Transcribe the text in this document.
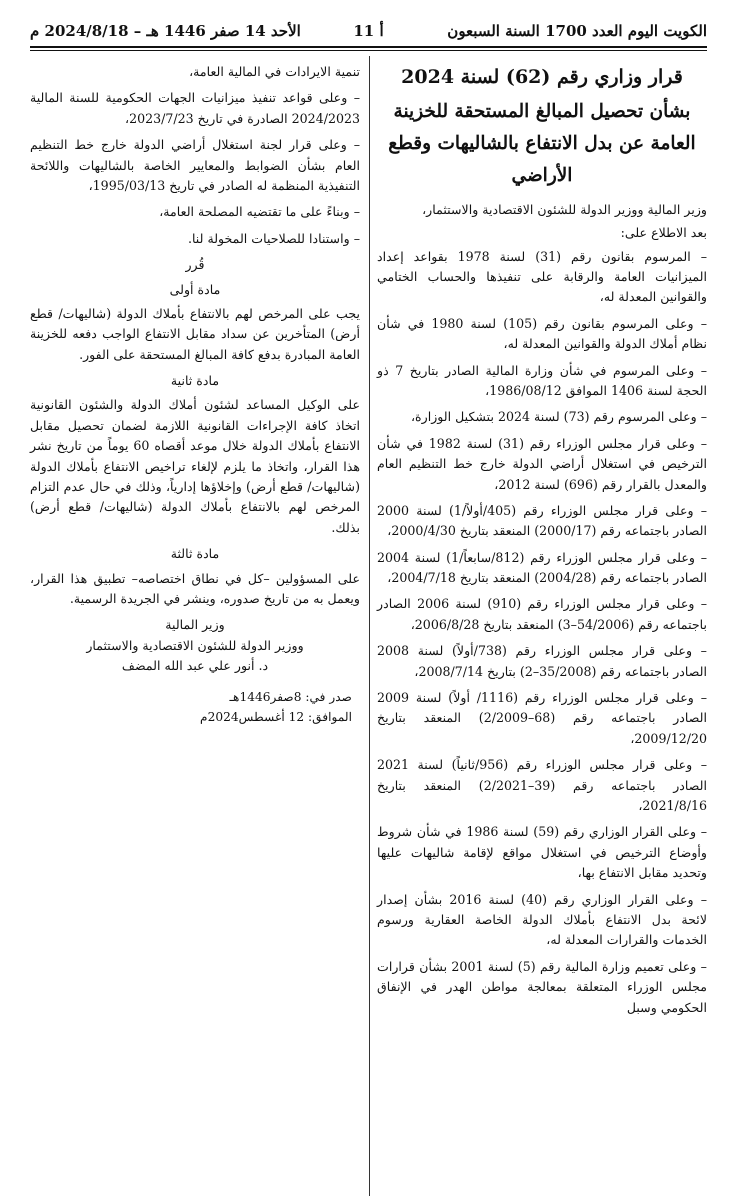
الكويت اليوم العدد 1700 السنة السبعون
أ 11
الأحد 14 صفر 1446 هـ – 2024/8/18 م
قرار وزاري رقم (62) لسنة 2024
بشأن تحصيل المبالغ المستحقة للخزينة العامة عن بدل الانتفاع بالشاليهات وقطع الأراضي

وزير المالية ووزير الدولة للشئون الاقتصادية والاستثمار،

بعد الاطلاع على:

– المرسوم بقانون رقم (31) لسنة 1978 بقواعد إعداد الميزانيات العامة والرقابة على تنفيذها والحساب الختامي والقوانين المعدلة له،

– وعلى المرسوم بقانون رقم (105) لسنة 1980 في شأن نظام أملاك الدولة والقوانين المعدلة له،

– وعلى المرسوم في شأن وزارة المالية الصادر بتاريخ 7 ذو الحجة لسنة 1406 الموافق 1986/08/12،

– وعلى المرسوم رقم (73) لسنة 2024 بتشكيل الوزارة،

– وعلى قرار مجلس الوزراء رقم (31) لسنة 1982 في شأن الترخيص في استغلال أراضي الدولة خارج خط التنظيم العام والمعدل بالقرار رقم (696) لسنة 2012،

– وعلى قرار مجلس الوزراء رقم (405/أولاً/1) لسنة 2000 الصادر باجتماعه رقم (2000/17) المنعقد بتاريخ 2000/4/30،

– وعلى قرار مجلس الوزراء رقم (812/سابعاً/1) لسنة 2004 الصادر باجتماعه رقم (2004/28) المنعقد بتاريخ 2004/7/18،

– وعلى قرار مجلس الوزراء رقم (910) لسنة 2006 الصادر باجتماعه رقم (54/2006–3) المنعقد بتاريخ 2006/8/28،

– وعلى قرار مجلس الوزراء رقم (738/أولاً) لسنة 2008 الصادر باجتماعه رقم (35/2008–2) بتاريخ 2008/7/14،

– وعلى قرار مجلس الوزراء رقم (1116/ أولاً) لسنة 2009 الصادر باجتماعه رقم (68–2/2009) المنعقد بتاريخ 2009/12/20،

– وعلى قرار مجلس الوزراء رقم (956/ثانياً) لسنة 2021 الصادر باجتماعه رقم (39–2/2021) المنعقد بتاريخ 2021/8/16،

– وعلى القرار الوزاري رقم (59) لسنة 1986 في شأن شروط وأوضاع الترخيص في استغلال مواقع لإقامة شاليهات عليها وتحديد مقابل الانتفاع بها،

– وعلى القرار الوزاري رقم (40) لسنة 2016 بشأن إصدار لائحة بدل الانتفاع بأملاك الدولة الخاصة العقارية ورسوم الخدمات والقرارات المعدلة له،

– وعلى تعميم وزارة المالية رقم (5) لسنة 2001 بشأن قرارات مجلس الوزراء المتعلقة بمعالجة مواطن الهدر في الإنفاق الحكومي وسبل

تنمية الايرادات في المالية العامة،

– وعلى قواعد تنفيذ ميزانيات الجهات الحكومية للسنة المالية 2024/2023 الصادرة في تاريخ 2023/7/23،

– وعلى قرار لجنة استغلال أراضي الدولة خارج خط التنظيم العام بشأن الضوابط والمعايير الخاصة بالشاليهات واللائحة التنفيذية المنظمة له الصادر في تاريخ 1995/03/13،

– وبناءً على ما تقتضيه المصلحة العامة،

– واستنادا للصلاحيات المخولة لنا.

قُرر
مادة أولى

يجب على المرخص لهم بالانتفاع بأملاك الدولة (شاليهات/ قطع أرض) المتأخرين عن سداد مقابل الانتفاع الواجب دفعه للخزينة العامة المبادرة بدفع كافة المبالغ المستحقة على الفور.

مادة ثانية

على الوكيل المساعد لشئون أملاك الدولة والشئون القانونية اتخاذ كافة الإجراءات القانونية اللازمة لضمان تحصيل مقابل الانتفاع بأملاك الدولة خلال موعد أقصاه 60 يوماً من تاريخ نشر هذا القرار، واتخاذ ما يلزم لإلغاء تراخيص الانتفاع بأملاك الدولة (شاليهات/ قطع أرض) وإخلاؤها إدارياً، وذلك في حال عدم التزام المرخص لهم بالانتفاع بأملاك الدولة (شاليهات/ قطع أرض) بذلك.

مادة ثالثة

على المسؤولين –كل في نطاق اختصاصه– تطبيق هذا القرار، ويعمل به من تاريخ صدوره، وينشر في الجريدة الرسمية.

وزير المالية
ووزير الدولة للشئون الاقتصادية والاستثمار
د. أنور علي عبد الله المضف
صدر في: 8صفر1446هـ
الموافق: 12 أغسطس2024م
